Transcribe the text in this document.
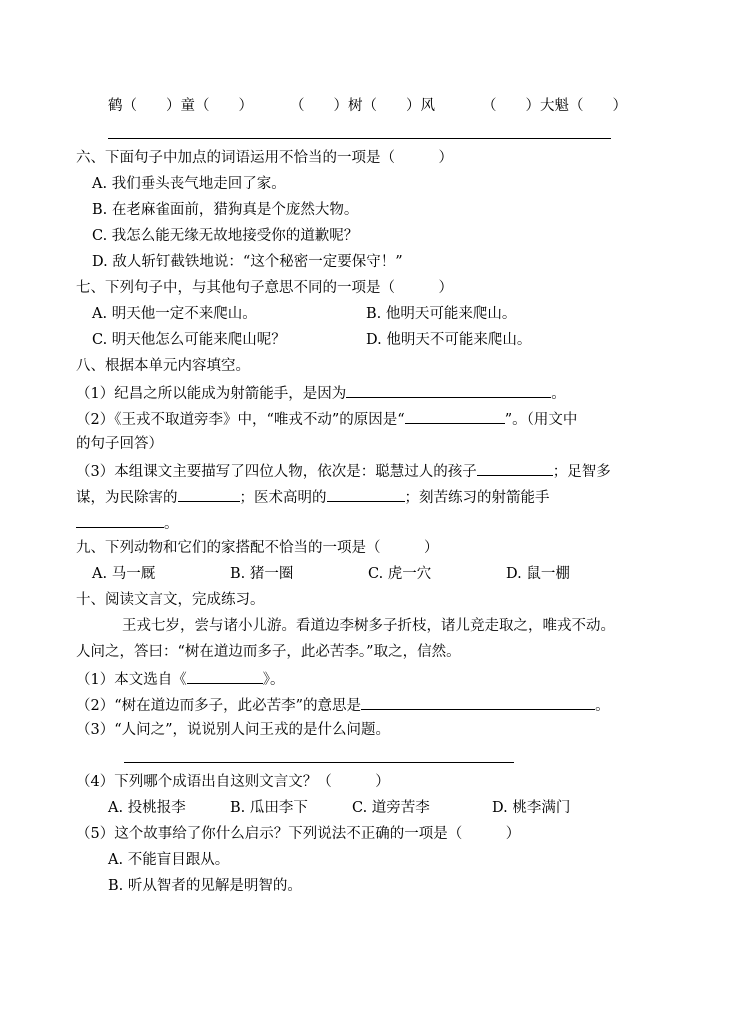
鹤（　　）童（　　）	（　　）树（　　）风	（　　）大魁（　　）
六、下面句子中加点的词语运用不恰当的一项是（　　　）
A. 我们垂头丧气地走回了家。
B. 在老麻雀面前，猎狗真是个庞然大物。
C. 我怎么能无缘无故地接受你的道歉呢？
D. 敌人斩钉截铁地说：“这个秘密一定要保守！”
七、下列句子中，与其他句子意思不同的一项是（　　　）
A. 明天他一定不来爬山。	B. 他明天可能来爬山。
C. 明天他怎么可能来爬山呢？	D. 他明天不可能来爬山。
八、根据本单元内容填空。
（1）纪昌之所以能成为射箭能手，是因为	。
（2）《王戎不取道旁李》中，“唯戎不动”的原因是“	”。（用文中
的句子回答）
（3）本组课文主要描写了四位人物，依次是：聪慧过人的孩子	；足智多
谋，为民除害的	；医术高明的	；刻苦练习的射箭能手
。
九、下列动物和它们的家搭配不恰当的一项是（　　　）
A. 马一厩	B. 猪一圈	C. 虎一穴	D. 鼠一棚
十、阅读文言文，完成练习。
王戎七岁，尝与诸小儿游。看道边李树多子折枝，诸儿竞走取之，唯戎不动。
人问之，答曰：“树在道边而多子，此必苦李。”取之，信然。
（1）本文选自《	》。
（2）“树在道边而多子，此必苦李”的意思是	。
（3）“人问之”，说说别人问王戎的是什么问题。
（4）下列哪个成语出自这则文言文？（　　　）
A. 投桃报李	B. 瓜田李下	C. 道旁苦李	D. 桃李满门
（5）这个故事给了你什么启示？下列说法不正确的一项是（　　　）
A. 不能盲目跟从。
B. 听从智者的见解是明智的。
